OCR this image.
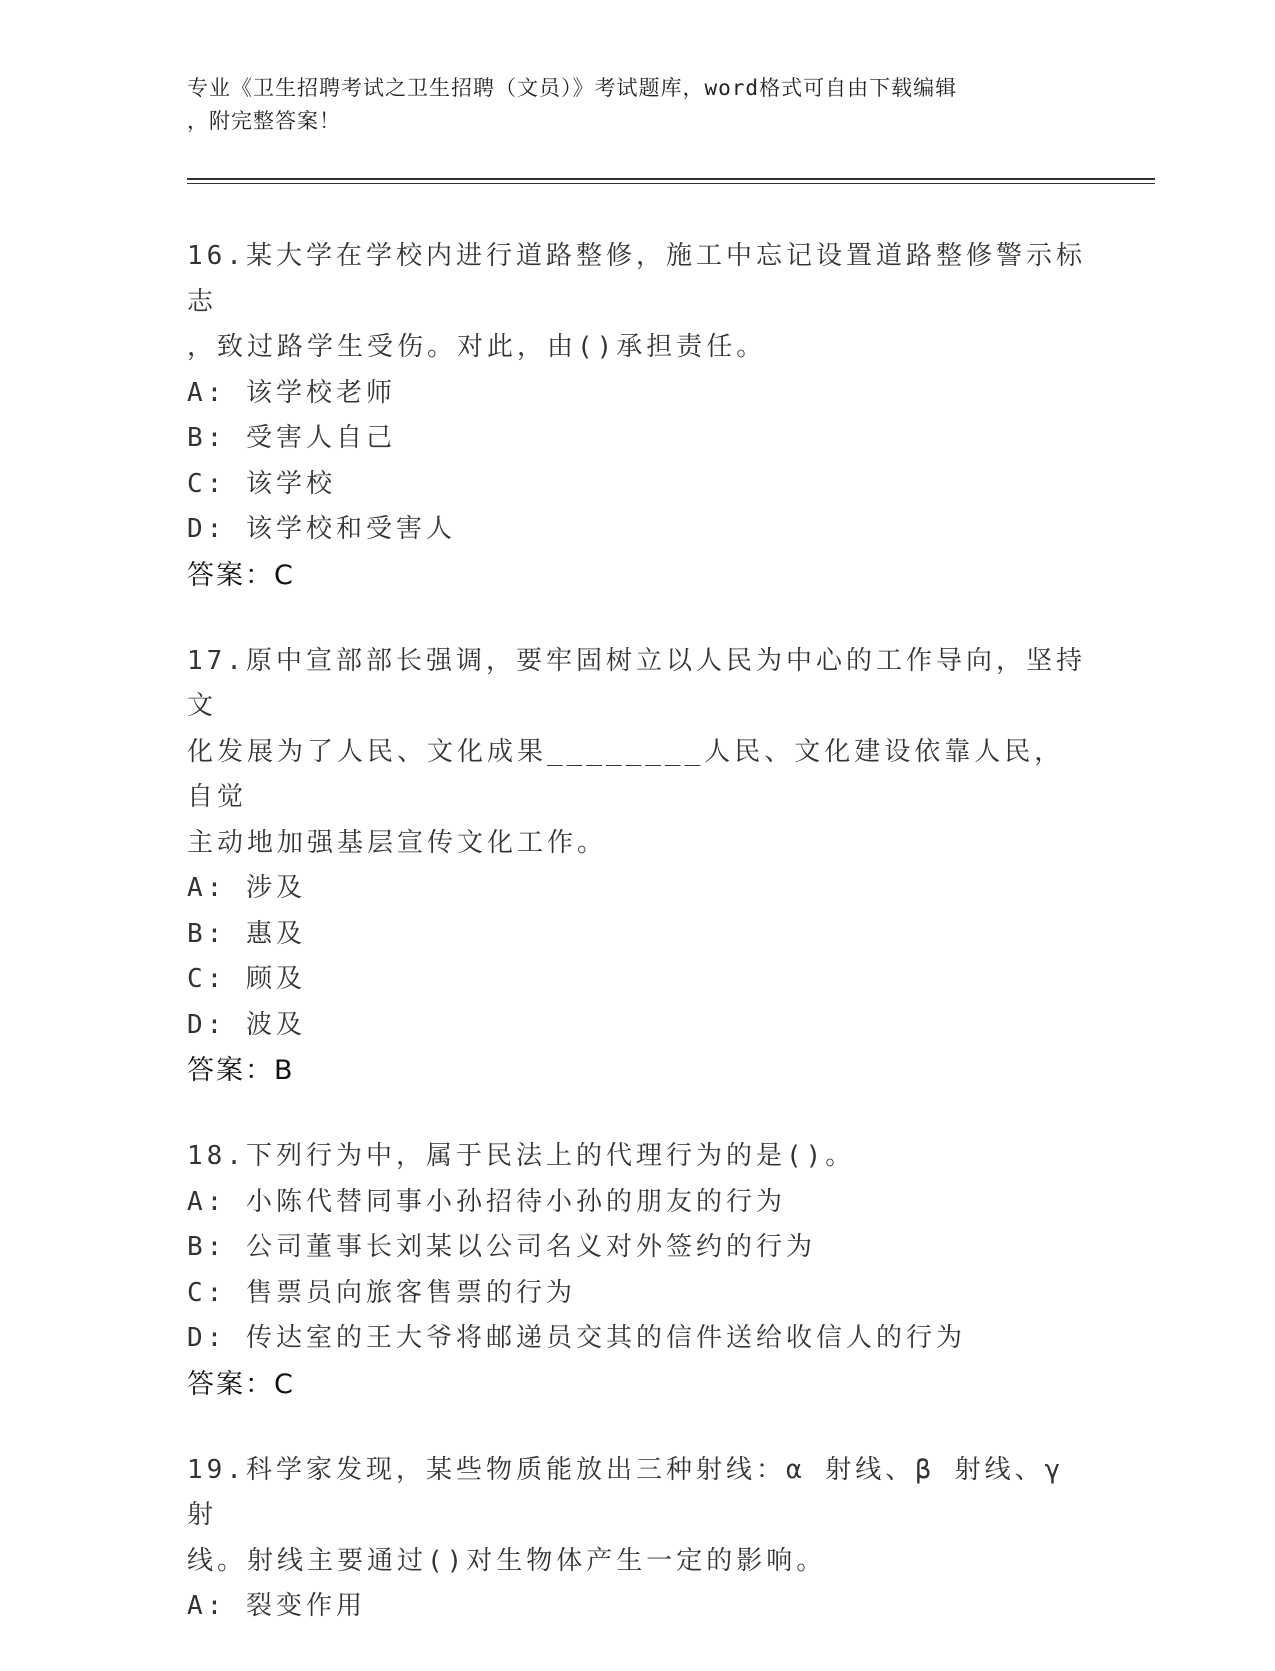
专业《卫生招聘考试之卫生招聘（文员）》考试题库，word格式可自由下载编辑
，附完整答案！
16.某大学在学校内进行道路整修，施工中忘记设置道路整修警示标志
，致过路学生受伤。对此，由()承担责任。
A: 该学校老师
B: 受害人自己
C: 该学校
D: 该学校和受害人
答案：C
17.原中宣部部长强调，要牢固树立以人民为中心的工作导向，坚持文
化发展为了人民、文化成果________人民、文化建设依靠人民，自觉
主动地加强基层宣传文化工作。
A: 涉及
B: 惠及
C: 顾及
D: 波及
答案：B
18.下列行为中，属于民法上的代理行为的是()。
A: 小陈代替同事小孙招待小孙的朋友的行为
B: 公司董事长刘某以公司名义对外签约的行为
C: 售票员向旅客售票的行为
D: 传达室的王大爷将邮递员交其的信件送给收信人的行为
答案：C
19.科学家发现，某些物质能放出三种射线：α 射线、β 射线、γ 射
线。射线主要通过()对生物体产生一定的影响。
A: 裂变作用
